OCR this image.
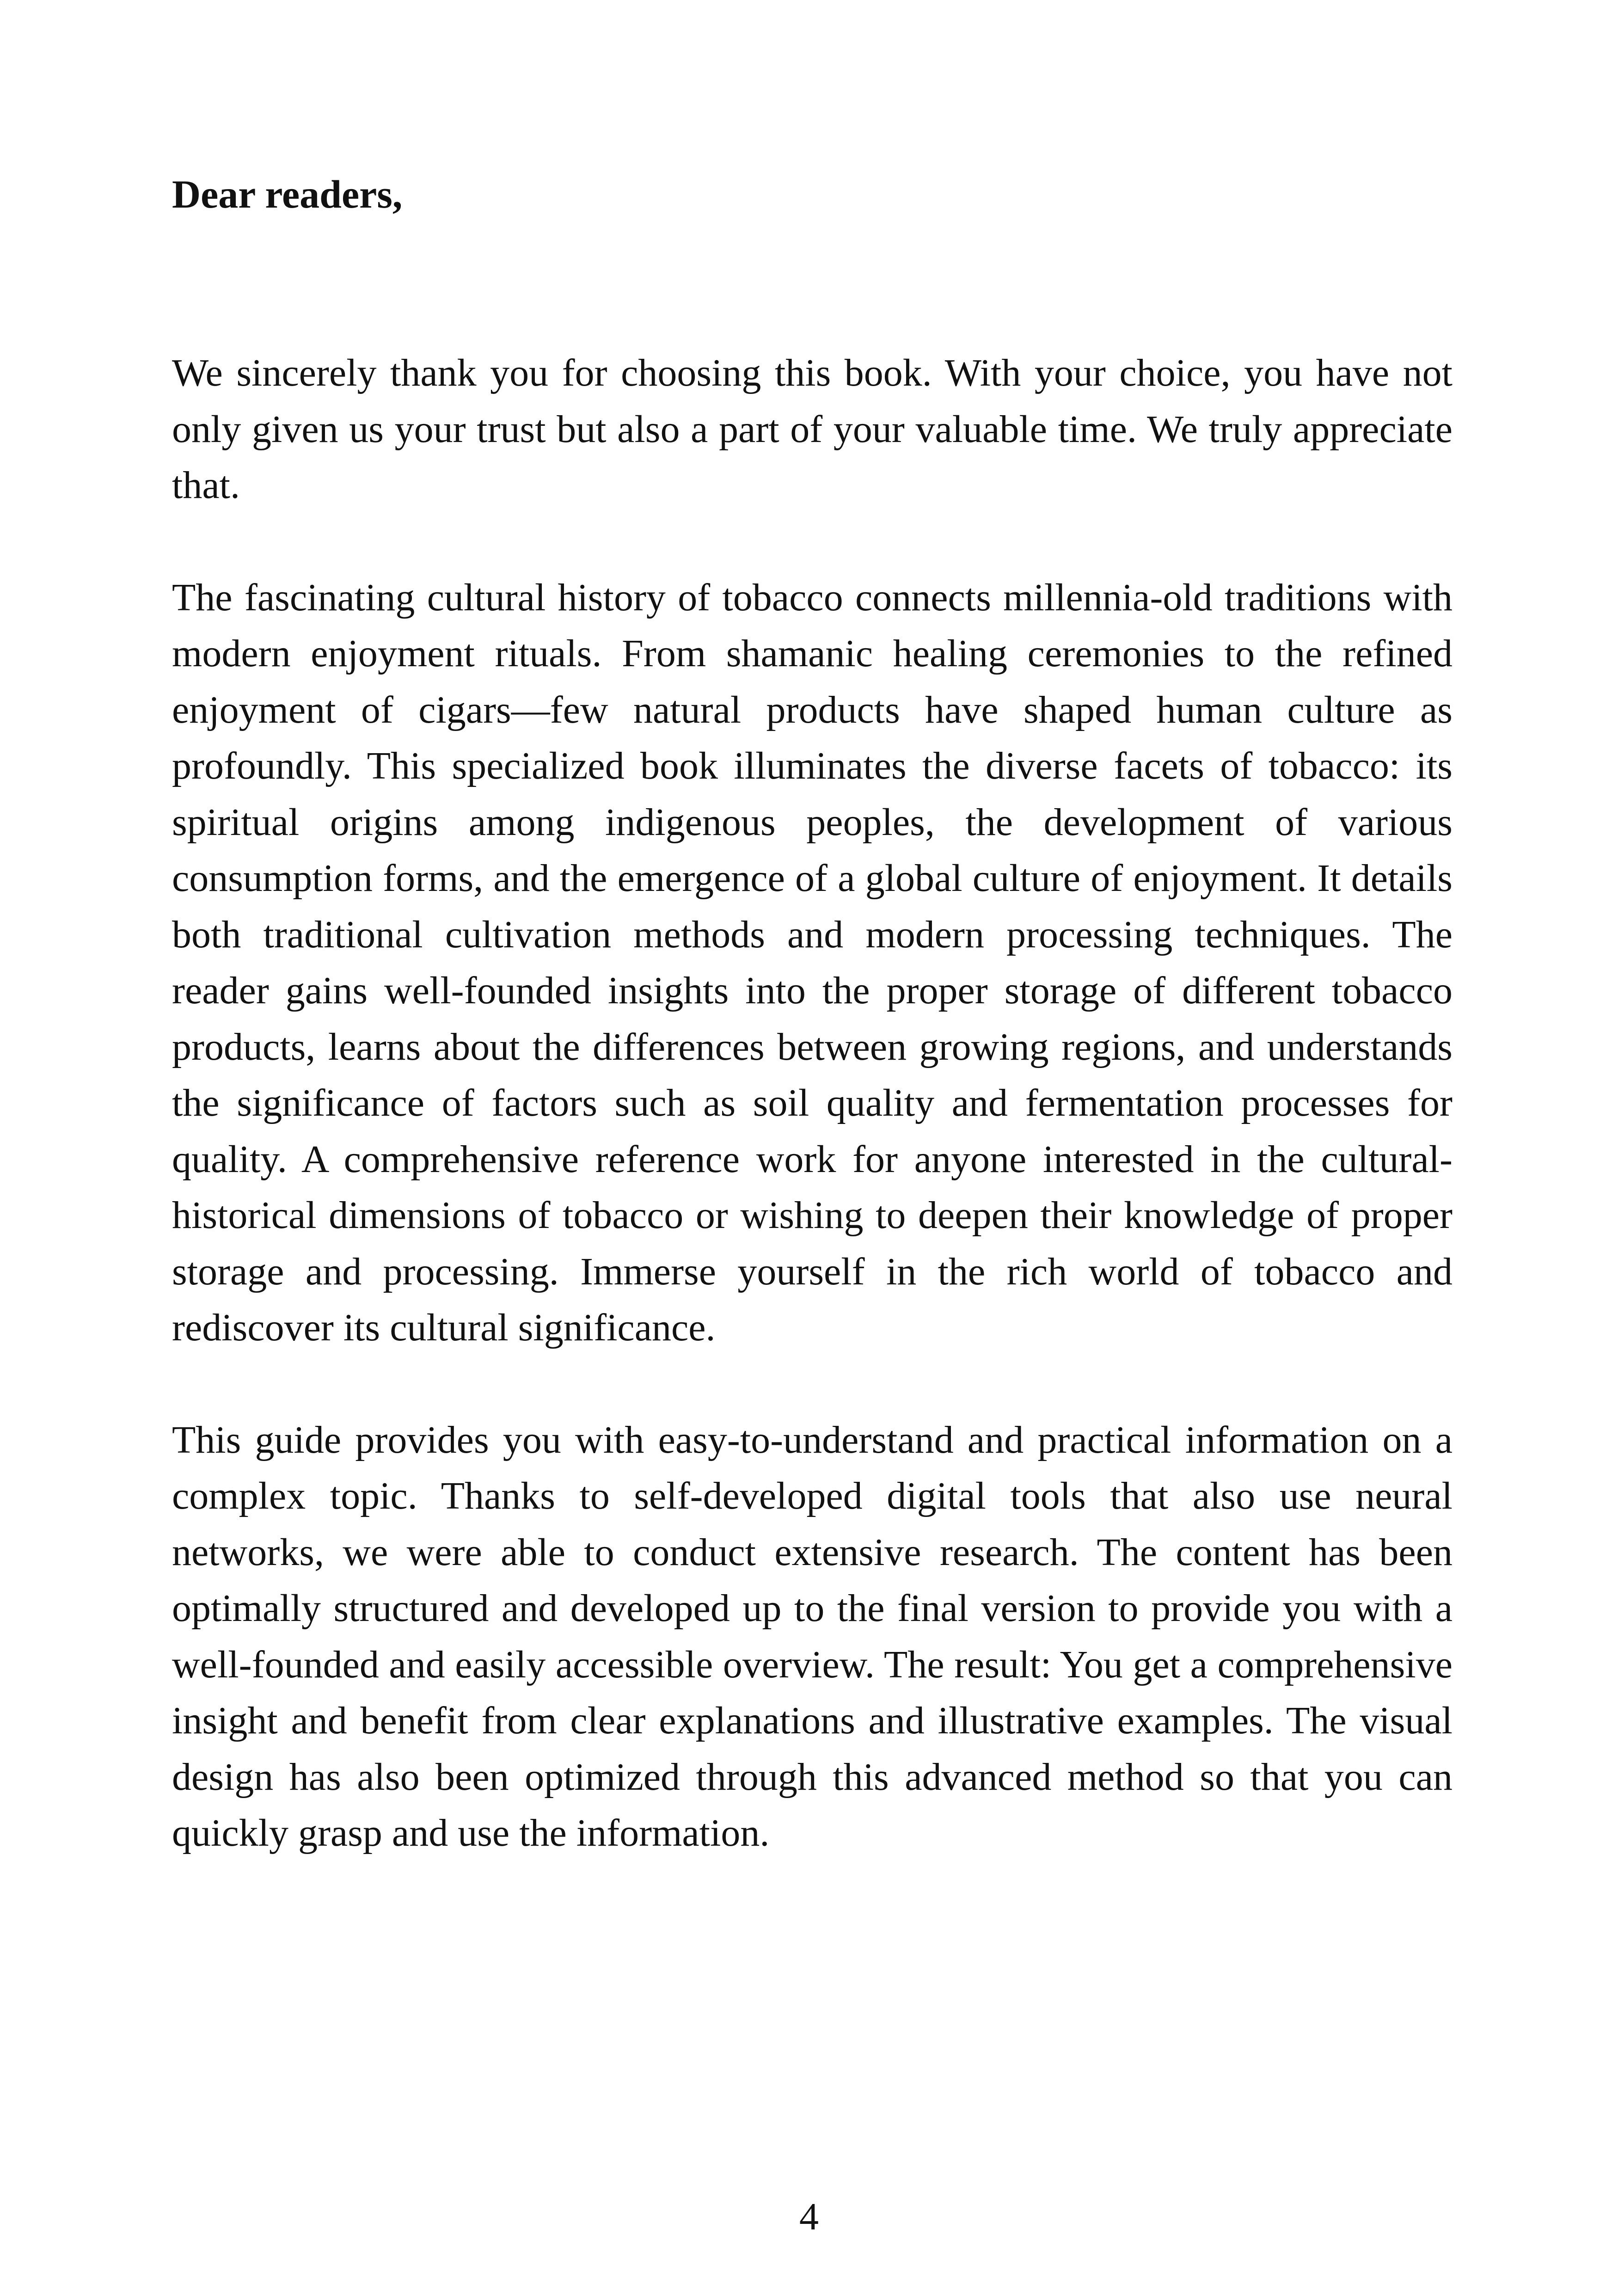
Dear readers,

We sincerely thank you for choosing this book. With your choice, you have not only given us your trust but also a part of your valuable time. We truly appreciate that.

The fascinating cultural history of tobacco connects millennia-old traditions with modern enjoyment rituals. From shamanic healing ceremonies to the refined enjoyment of cigars—few natural products have shaped human culture as profoundly. This specialized book illuminates the diverse facets of tobacco: its spiritual origins among indigenous peoples, the development of various consumption forms, and the emergence of a global culture of enjoyment. It details both traditional cultivation methods and modern processing techniques. The reader gains well-founded insights into the proper storage of different tobacco products, learns about the differences between growing regions, and understands the significance of factors such as soil quality and fermentation processes for quality. A comprehensive reference work for anyone interested in the cultural-historical dimensions of tobacco or wishing to deepen their knowledge of proper storage and processing. Immerse yourself in the rich world of tobacco and rediscover its cultural significance.

This guide provides you with easy-to-understand and practical information on a complex topic. Thanks to self-developed digital tools that also use neural networks, we were able to conduct extensive research. The content has been optimally structured and developed up to the final version to provide you with a well-founded and easily accessible overview. The result: You get a comprehensive insight and benefit from clear explanations and illustrative examples. The visual design has also been optimized through this advanced method so that you can quickly grasp and use the information.

4
